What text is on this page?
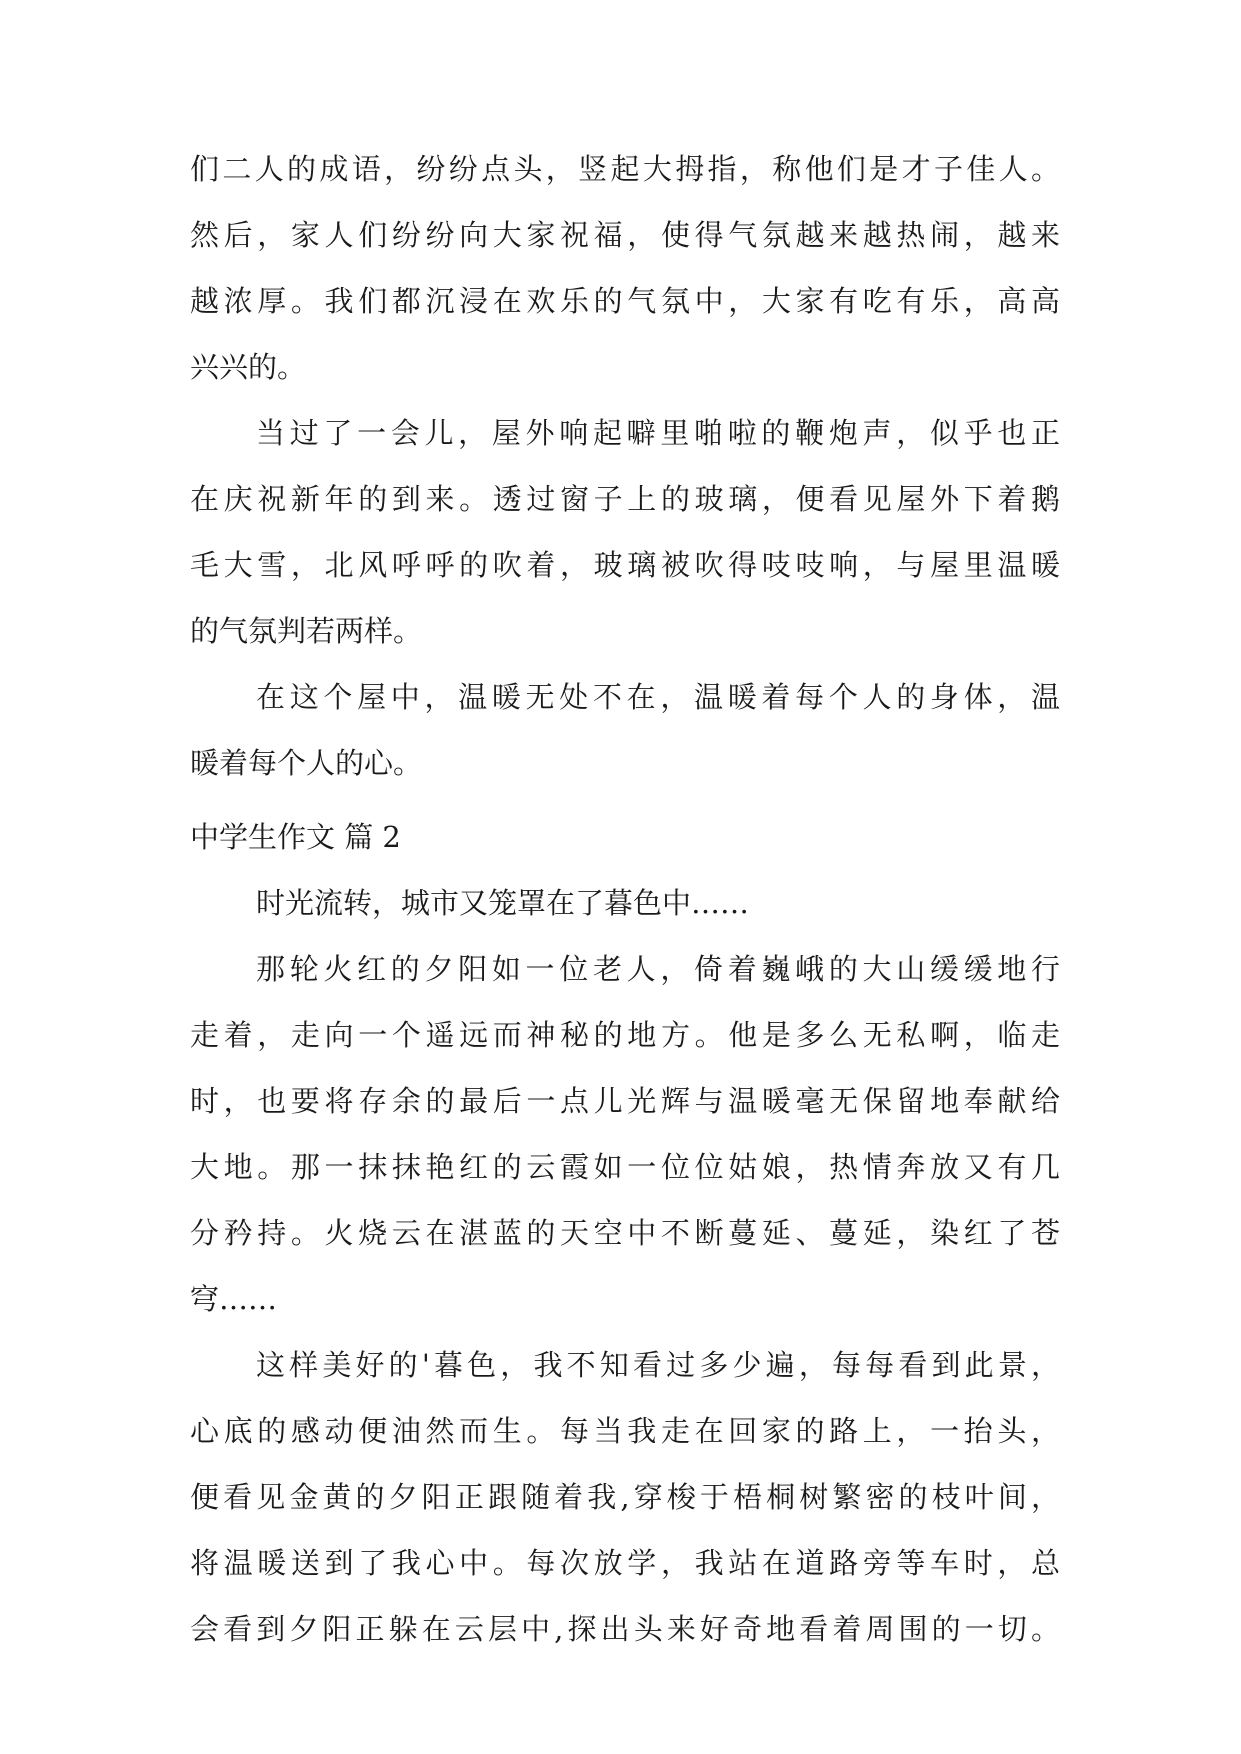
们二人的成语，纷纷点头，竖起大拇指，称他们是才子佳人。
然后，家人们纷纷向大家祝福，使得气氛越来越热闹，越来
越浓厚。我们都沉浸在欢乐的气氛中，大家有吃有乐，高高
兴兴的。
当过了一会儿，屋外响起噼里啪啦的鞭炮声，似乎也正
在庆祝新年的到来。透过窗子上的玻璃，便看见屋外下着鹅
毛大雪，北风呼呼的吹着，玻璃被吹得吱吱响，与屋里温暖
的气氛判若两样。
在这个屋中，温暖无处不在，温暖着每个人的身体，温
暖着每个人的心。
中学生作文 篇 2
时光流转，城市又笼罩在了暮色中……
那轮火红的夕阳如一位老人，倚着巍峨的大山缓缓地行
走着，走向一个遥远而神秘的地方。他是多么无私啊，临走
时，也要将存余的最后一点儿光辉与温暖毫无保留地奉献给
大地。那一抹抹艳红的云霞如一位位姑娘，热情奔放又有几
分矜持。火烧云在湛蓝的天空中不断蔓延、蔓延，染红了苍
穹……
这样美好的'暮色，我不知看过多少遍，每每看到此景，
心底的感动便油然而生。每当我走在回家的路上，一抬头，
便看见金黄的夕阳正跟随着我,穿梭于梧桐树繁密的枝叶间，
将温暖送到了我心中。每次放学，我站在道路旁等车时，总
会看到夕阳正躲在云层中,探出头来好奇地看着周围的一切。
